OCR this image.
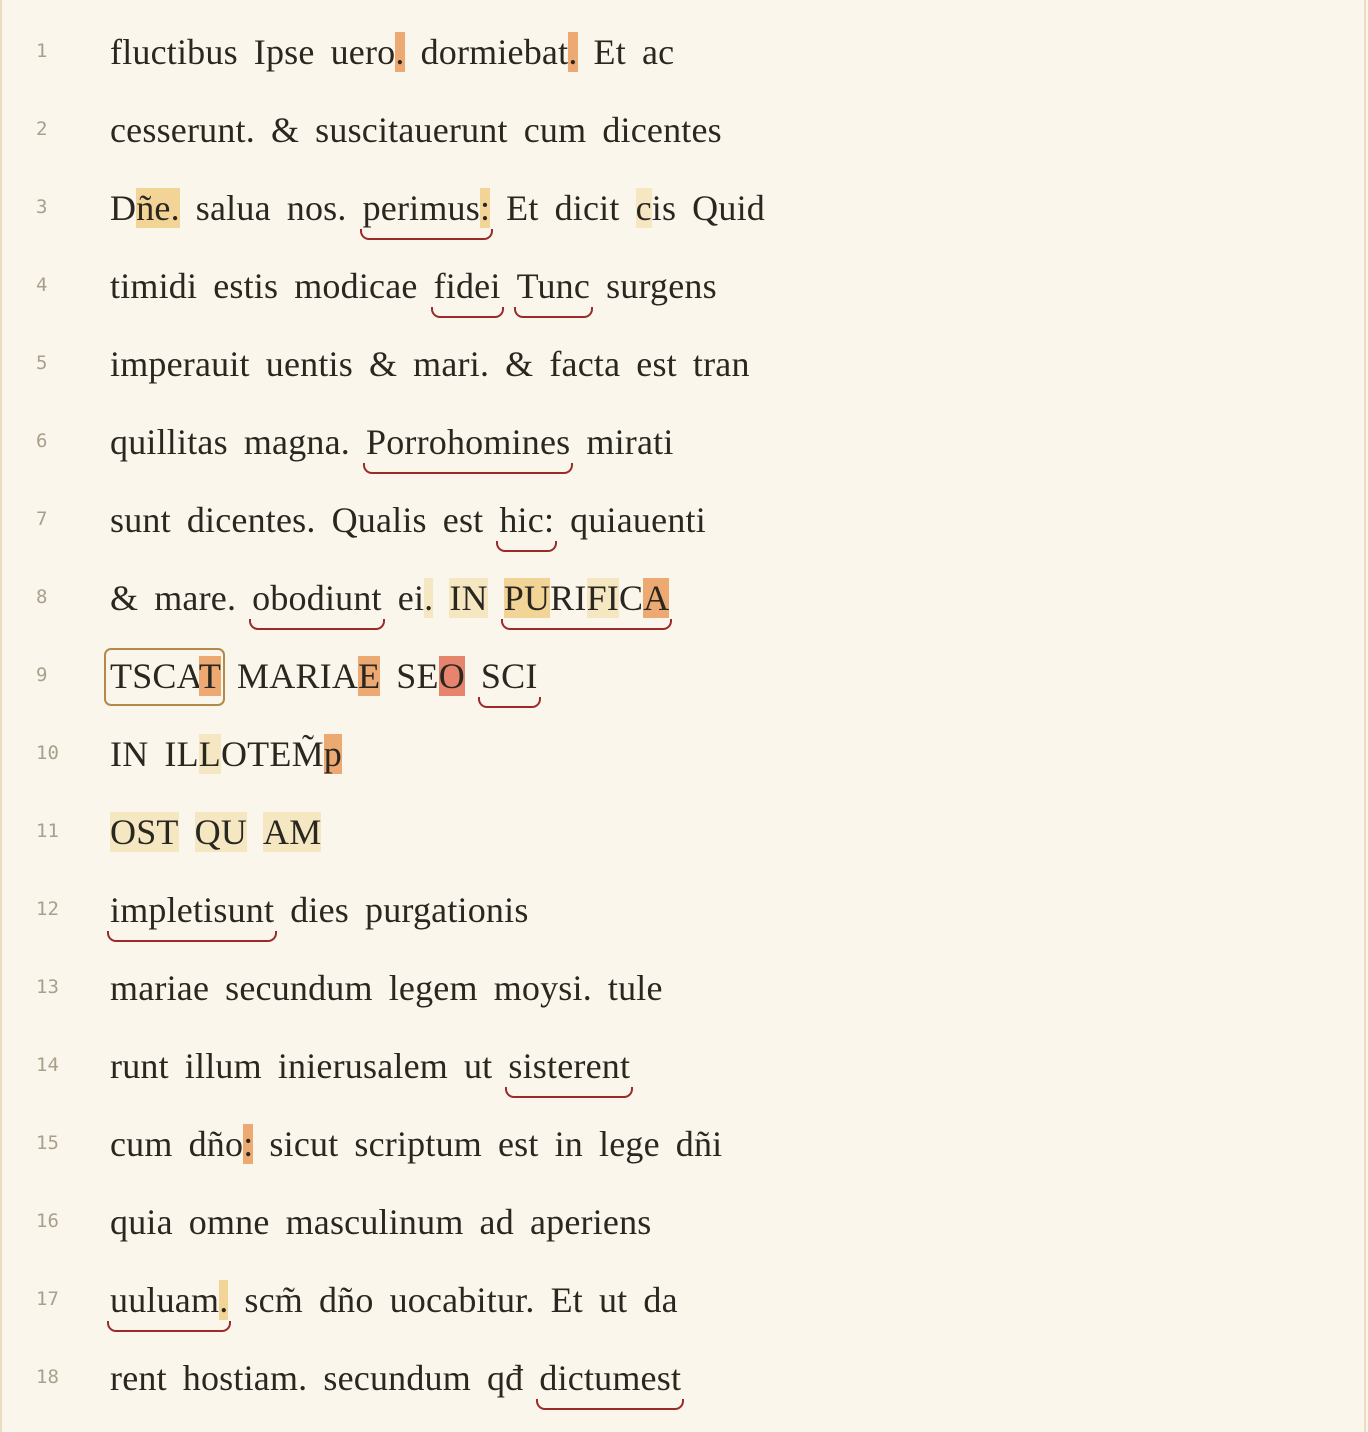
1	fluctibus Ipse uero. dormiebat. Et ac
2	cesserunt. & suscitauerunt cum dicentes
3	Dñe. salua nos. perimus: Et dicit cis Quid
4	timidi estis modicae fidei Tunc surgens
5	imperauit uentis & mari. & facta est tran
6	quillitas magna. Porrohomines mirati
7	sunt dicentes. Qualis est hic: quiauenti
8	& mare. obodiunt ei. IN PURIFICA
9	TSCAT MARIAE SEO SCI
10	IN ILLOTEM̃p
11	OST QU AM
12	impletisunt dies purgationis
13	mariae secundum legem moysi. tule
14	runt illum inierusalem ut sisterent
15	cum dño: sicut scriptum est in lege dñi
16	quia omne masculinum ad aperiens
17	uuluam. scm̃ dño uocabitur. Et ut da
18	rent hostiam. secundum qđ dictumest
